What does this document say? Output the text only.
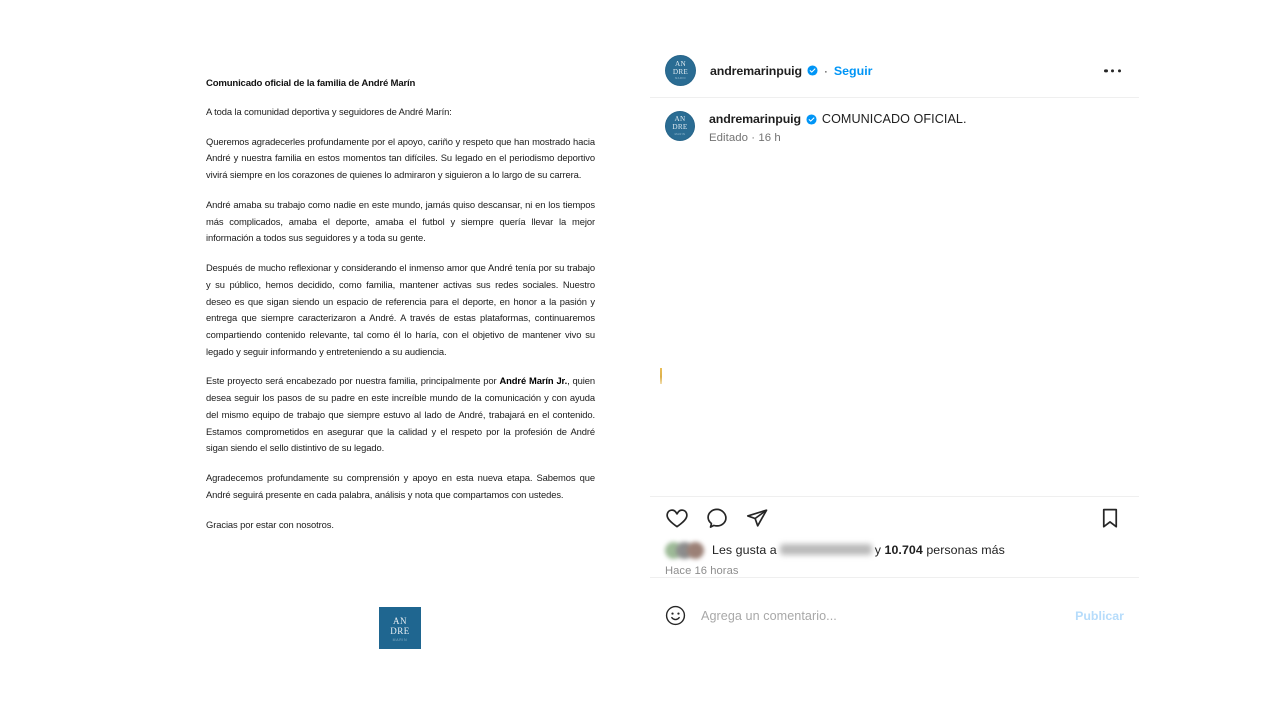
Comunicado oficial de la familia de André Marín

A toda la comunidad deportiva y seguidores de André Marín:

Queremos agradecerles profundamente por el apoyo, cariño y respeto que han mostrado hacia André y nuestra familia en estos momentos tan difíciles. Su legado en el periodismo deportivo vivirá siempre en los corazones de quienes lo admiraron y siguieron a lo largo de su carrera.

André amaba su trabajo como nadie en este mundo, jamás quiso descansar, ni en los tiempos más complicados, amaba el deporte, amaba el futbol y siempre quería llevar la mejor información a todos sus seguidores y a toda su gente.

Después de mucho reflexionar y considerando el inmenso amor que André tenía por su trabajo y su público, hemos decidido, como familia, mantener activas sus redes sociales. Nuestro deseo es que sigan siendo un espacio de referencia para el deporte, en honor a la pasión y entrega que siempre caracterizaron a André. A través de estas plataformas, continuaremos compartiendo contenido relevante, tal como él lo haría, con el objetivo de mantener vivo su legado y seguir informando y entreteniendo a su audiencia.

Este proyecto será encabezado por nuestra familia, principalmente por André Marín Jr., quien desea seguir los pasos de su padre en este increíble mundo de la comunicación y con ayuda del mismo equipo de trabajo que siempre estuvo al lado de André, trabajará en el contenido. Estamos comprometidos en asegurar que la calidad y el respeto por la profesión de André sigan siendo el sello distintivo de su legado.

Agradecemos profundamente su comprensión y apoyo en esta nueva etapa. Sabemos que André seguirá presente en cada palabra, análisis y nota que compartamos con ustedes.

Gracias por estar con nosotros.

AN
DRE
MARIN
AN
DRE
MARIN
andremarinpuig · Seguir
AN
DRE
MARIN
andremarinpuig COMUNICADO OFICIAL.
Editado · 16 h
Les gusta a	y 10.704 personas más
Hace 16 horas
Agrega un comentario...
Publicar
